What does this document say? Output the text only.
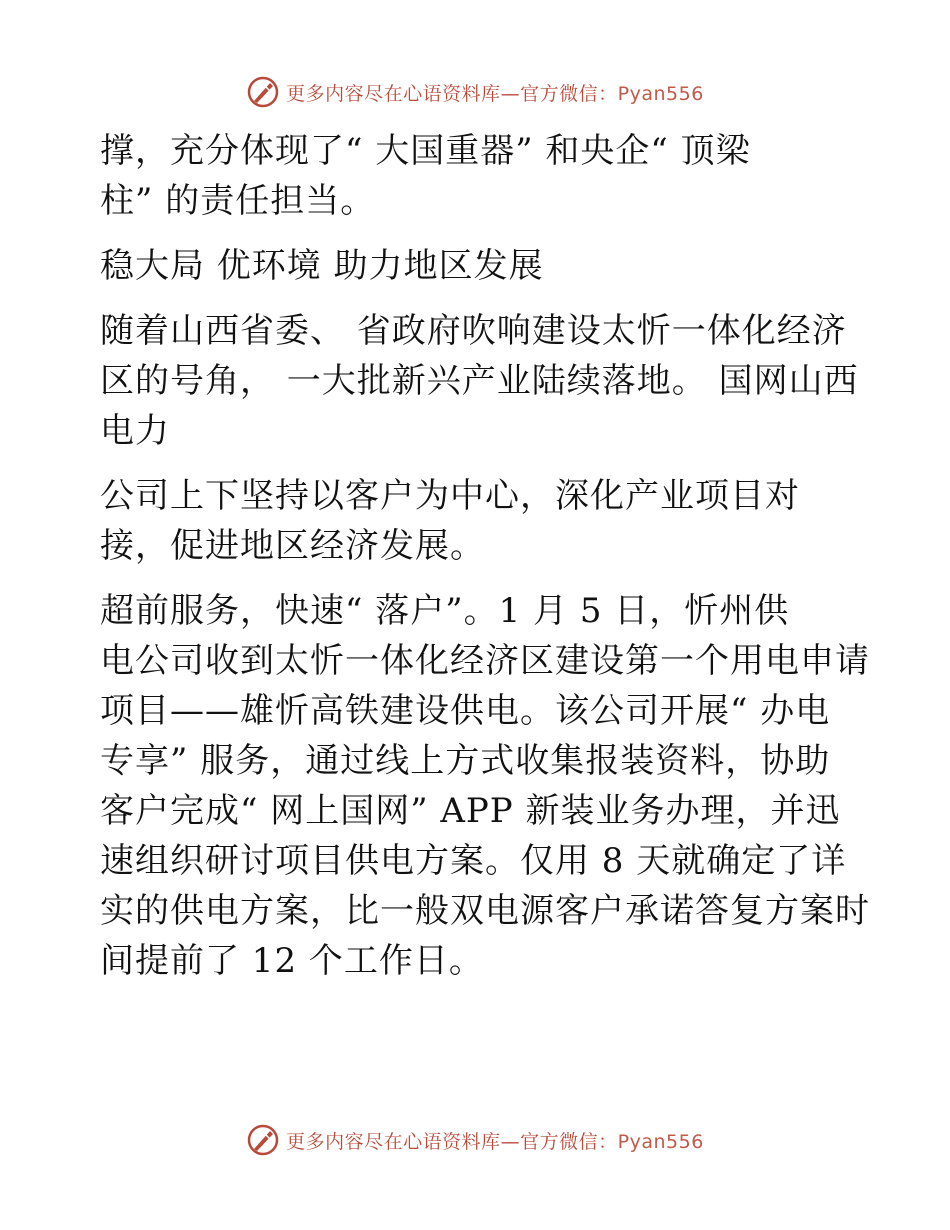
更多内容尽在心语资料库—官方微信：Pyan556

撑，充分体现了“ 大国重器” 和央企“ 顶梁
柱” 的责任担当。

稳大局 优环境 助力地区发展

随着山西省委、 省政府吹响建设太忻一体化经济
区的号角， 一大批新兴产业陆续落地。 国网山西
电力

公司上下坚持以客户为中心，深化产业项目对
接，促进地区经济发展。

超前服务，快速“ 落户”。1 月 5 日，忻州供
电公司收到太忻一体化经济区建设第一个用电申请
项目——雄忻高铁建设供电。该公司开展“ 办电
专享” 服务，通过线上方式收集报装资料，协助
客户完成“ 网上国网” APP 新装业务办理，并迅
速组织研讨项目供电方案。仅用 8 天就确定了详
实的供电方案，比一般双电源客户承诺答复方案时
间提前了 12 个工作日。

更多内容尽在心语资料库—官方微信：Pyan556
